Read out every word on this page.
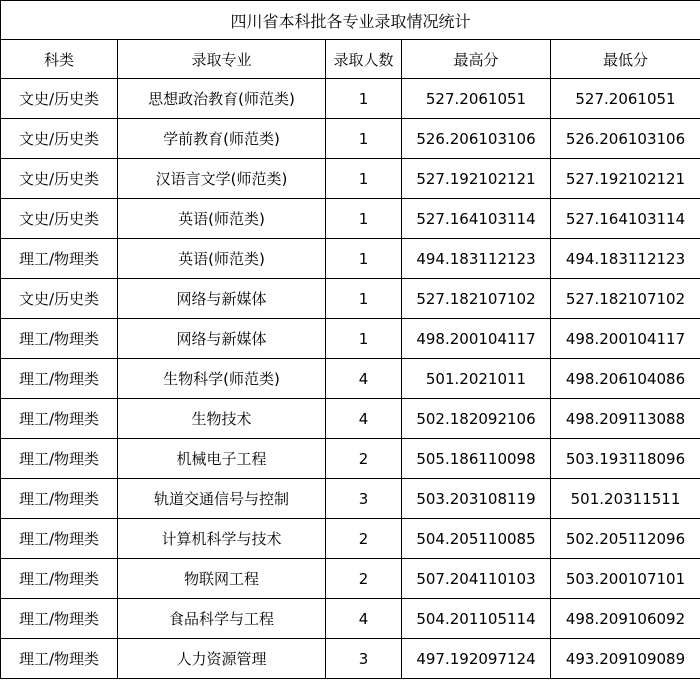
四川省本科批各专业录取情况统计				
科类	录取专业	录取人数	最高分	最低分
文史/历史类	思想政治教育(师范类)	1	527.2061051	527.2061051
文史/历史类	学前教育(师范类)	1	526.206103106	526.206103106
文史/历史类	汉语言文学(师范类)	1	527.192102121	527.192102121
文史/历史类	英语(师范类)	1	527.164103114	527.164103114
理工/物理类	英语(师范类)	1	494.183112123	494.183112123
文史/历史类	网络与新媒体	1	527.182107102	527.182107102
理工/物理类	网络与新媒体	1	498.200104117	498.200104117
理工/物理类	生物科学(师范类)	4	501.2021011	498.206104086
理工/物理类	生物技术	4	502.182092106	498.209113088
理工/物理类	机械电子工程	2	505.186110098	503.193118096
理工/物理类	轨道交通信号与控制	3	503.203108119	501.20311511
理工/物理类	计算机科学与技术	2	504.205110085	502.205112096
理工/物理类	物联网工程	2	507.204110103	503.200107101
理工/物理类	食品科学与工程	4	504.201105114	498.209106092
理工/物理类	人力资源管理	3	497.192097124	493.209109089
